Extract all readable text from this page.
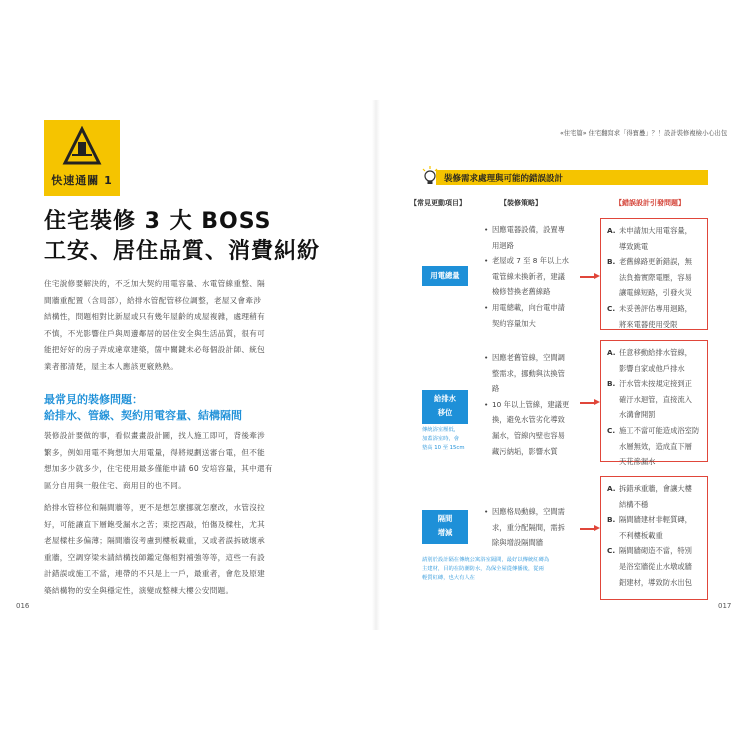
快速通關 1
住宅裝修 3 大 BOSS
工安、居住品質、消費糾紛
住宅說修要解決的，不乏加大契約用電容量、水電管線重整、隔
間牆重配置（含局部），給排水管配管移位調整，老屋又會牽涉
結構性，問題相對比新屋或只有幾年屋齡的成屋複雜，處理稍有
不慎，不光影響住戶與周邊鄰居的居住安全與生活品質，很有可
能把好好的房子弄成違章建築，箇中關鍵未必每個設計師、統包
業者都清楚，屋主本人應該更竅熟熟。
最常見的裝修問題：
給排水、管線、契約用電容量、結構隔間
裝修設計要做的事，看似畫畫設計圖，找人施工即可，背後牽涉
繁多，例如用電不夠想加大用電量，得將規劃送審台電，但不能
想加多少就多少，住宅使用最多僅能申請 60 安培容量，其中還有
區分自用與一般住宅、商用目的也不同。
給排水管移位和隔間牆等，更不是想怎麼挪就怎麼改，水管沒拉
好，可能讓直下層飽受漏水之苦；東挖西敲，怕傷及樑柱，尤其
老屋樑柱多偏薄；隔間牆沒考慮到樓板載重，又或者誤拆破壞承
重牆，空調穿梁未請結構技師鑑定傷相對補強等等，這些一有設
計錯誤或施工不當，連帶的不只是上一戶，最重者，會危及原建
築結構物的安全與穩定性，演變成整棟大樓公安問題。
016
«住宅篇» 住宅翻寫求「得寶疊」？！設計裝修複檢小心出包
裝修需求處理與可能的錯誤設計
【常見更動項目】	【裝修策略】	【錯誤設計引發問題】
用電總量
• 因應電器設備，設置專
用迴路
• 老屋或 7 至 8 年以上水
電管線未換新者，建議
檢修替換老舊線路
• 用電總載，向台電申請
契約容量加大
A. 未申請加大用電容量，
導致跳電
B. 老舊線路更新錯誤，無
法負擔實際電壓，容易
讓電線短路，引發火災
C. 未妥善評估專用迴路，
將來電器使用受限
給排水
移位
傳統浴室壓低，
加蓋浴室時，會
墊高 10 至 15cm
• 因應老舊管線，空間調
整需求，挪動與汰換管
路
• 10 年以上管線，建議更
換，避免水管劣化導致
漏水，管線內壁也容易
藏污納垢，影響水質
A. 任意移動給排水管線，
影響自家或他戶排水
B. 汙水管未按規定接到正
確汙水迴管，直接流入
水溝會開罰
C. 施工不當可能造成浴室防
水層無效，造成直下層
天花滲漏水
隔間
增減
• 因應格局動線，空間需
求，重分配隔間，需拆
除與增設隔間牆
請別於設計隔在傳統公寓浴室隔間，最好以傳統紅磚為
主建材，目的在防潮防水，為保全屋從傳播後，從兩
輕質紅磚，也大有人在
A. 拆錯承重牆，會讓大樓
結構不穩
B. 隔間牆建材非輕質磚，
不利樓板載重
C. 隔間牆砌造不當，特別
是浴室牆從止水墩或牆
鋁建材，導致防水出包
017
